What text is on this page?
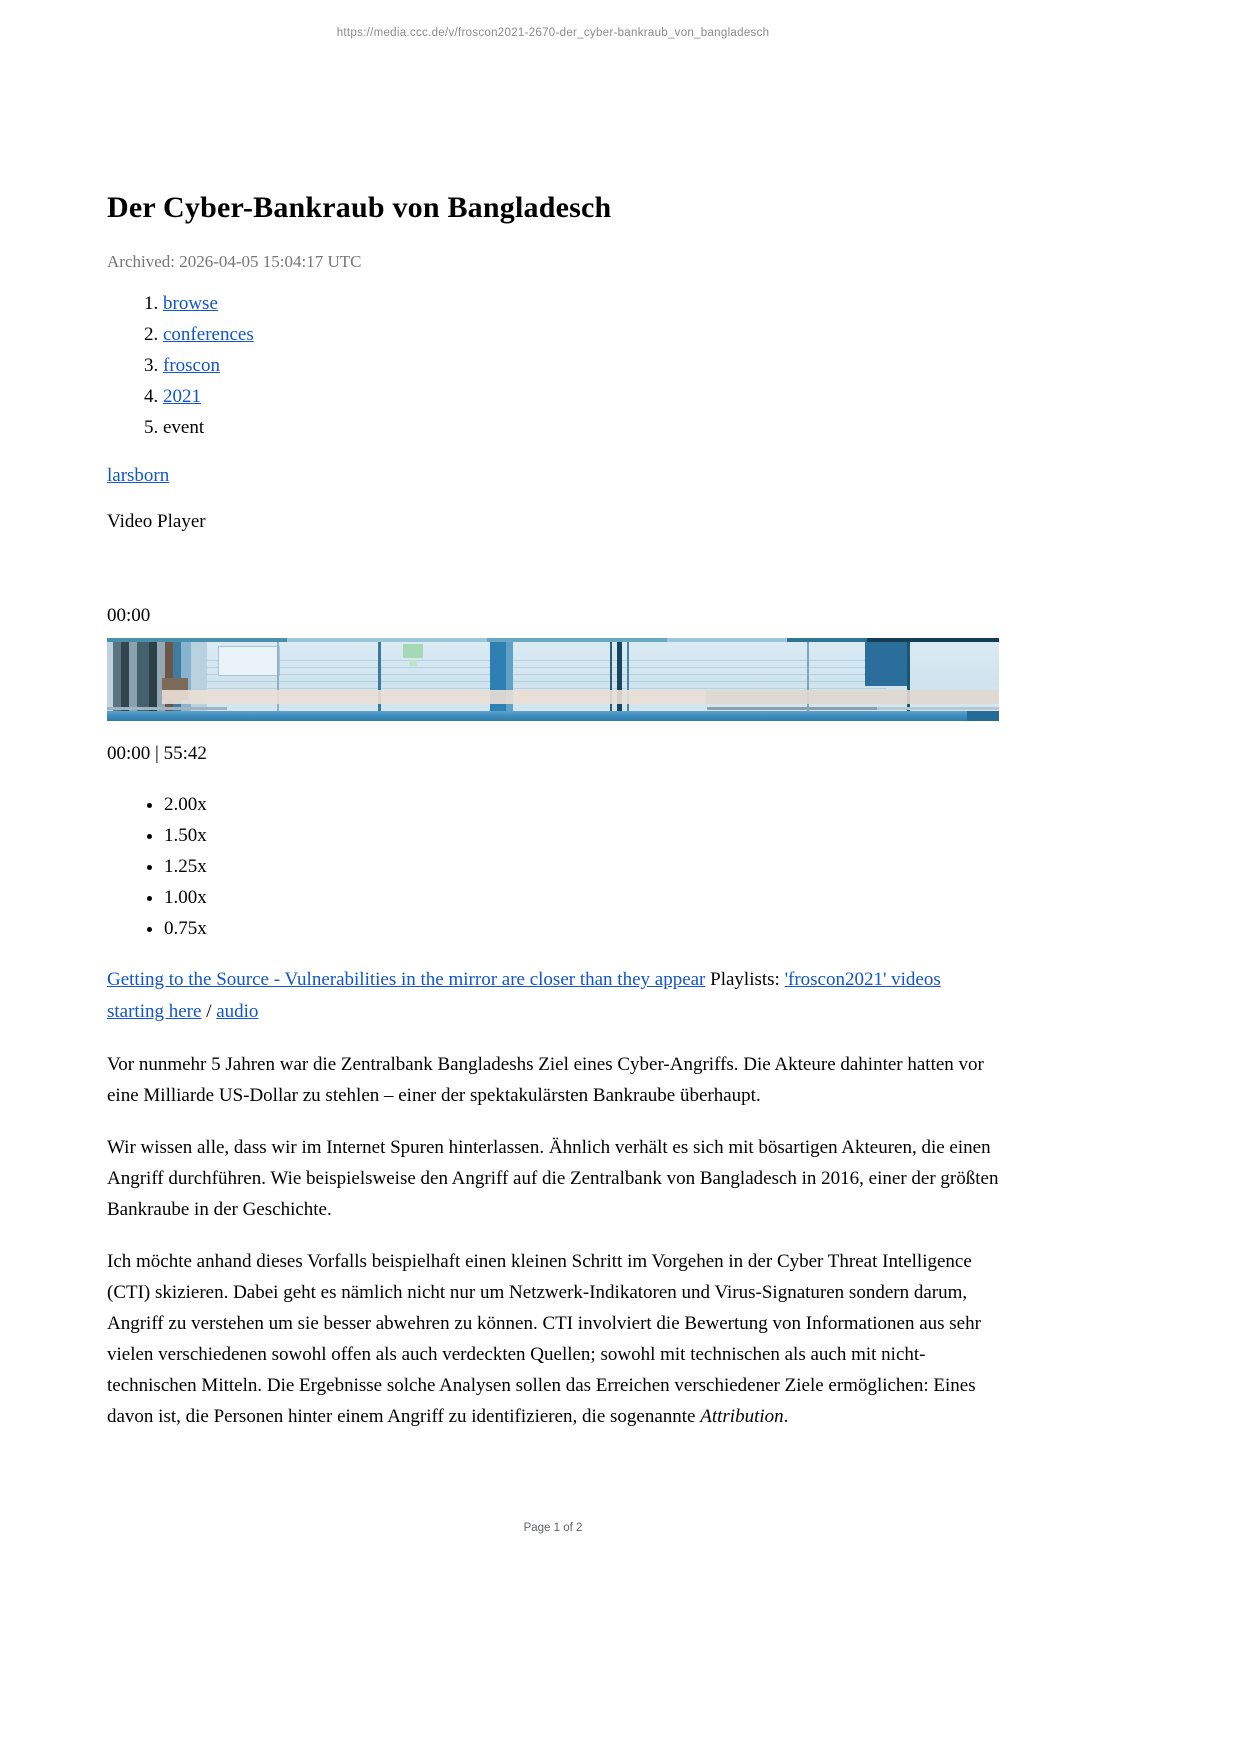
https://media.ccc.de/v/froscon2021-2670-der_cyber-bankraub_von_bangladesch
Der Cyber-Bankraub von Bangladesch

Archived: 2026-04-05 15:04:17 UTC

1. browse
2. conferences
3. froscon
4. 2021
5. event

larsborn

Video Player

00:00

00:00 | 55:42

• 2.00x
• 1.50x
• 1.25x
• 1.00x
• 0.75x

Getting to the Source - Vulnerabilities in the mirror are closer than they appear Playlists: 'froscon2021' videos starting here / audio

Vor nunmehr 5 Jahren war die Zentralbank Bangladeshs Ziel eines Cyber-Angriffs. Die Akteure dahinter hatten vor eine Milliarde US-Dollar zu stehlen – einer der spektakulärsten Bankraube überhaupt.

Wir wissen alle, dass wir im Internet Spuren hinterlassen. Ähnlich verhält es sich mit bösartigen Akteuren, die einen Angriff durchführen. Wie beispielsweise den Angriff auf die Zentralbank von Bangladesch in 2016, einer der größten Bankraube in der Geschichte.

Ich möchte anhand dieses Vorfalls beispielhaft einen kleinen Schritt im Vorgehen in der Cyber Threat Intelligence (CTI) skizieren. Dabei geht es nämlich nicht nur um Netzwerk-Indikatoren und Virus-Signaturen sondern darum, Angriff zu verstehen um sie besser abwehren zu können. CTI involviert die Bewertung von Informationen aus sehr vielen verschiedenen sowohl offen als auch verdeckten Quellen; sowohl mit technischen als auch mit nicht-technischen Mitteln. Die Ergebnisse solche Analysen sollen das Erreichen verschiedener Ziele ermöglichen: Eines davon ist, die Personen hinter einem Angriff zu identifizieren, die sogenannte Attribution.

Page 1 of 2
